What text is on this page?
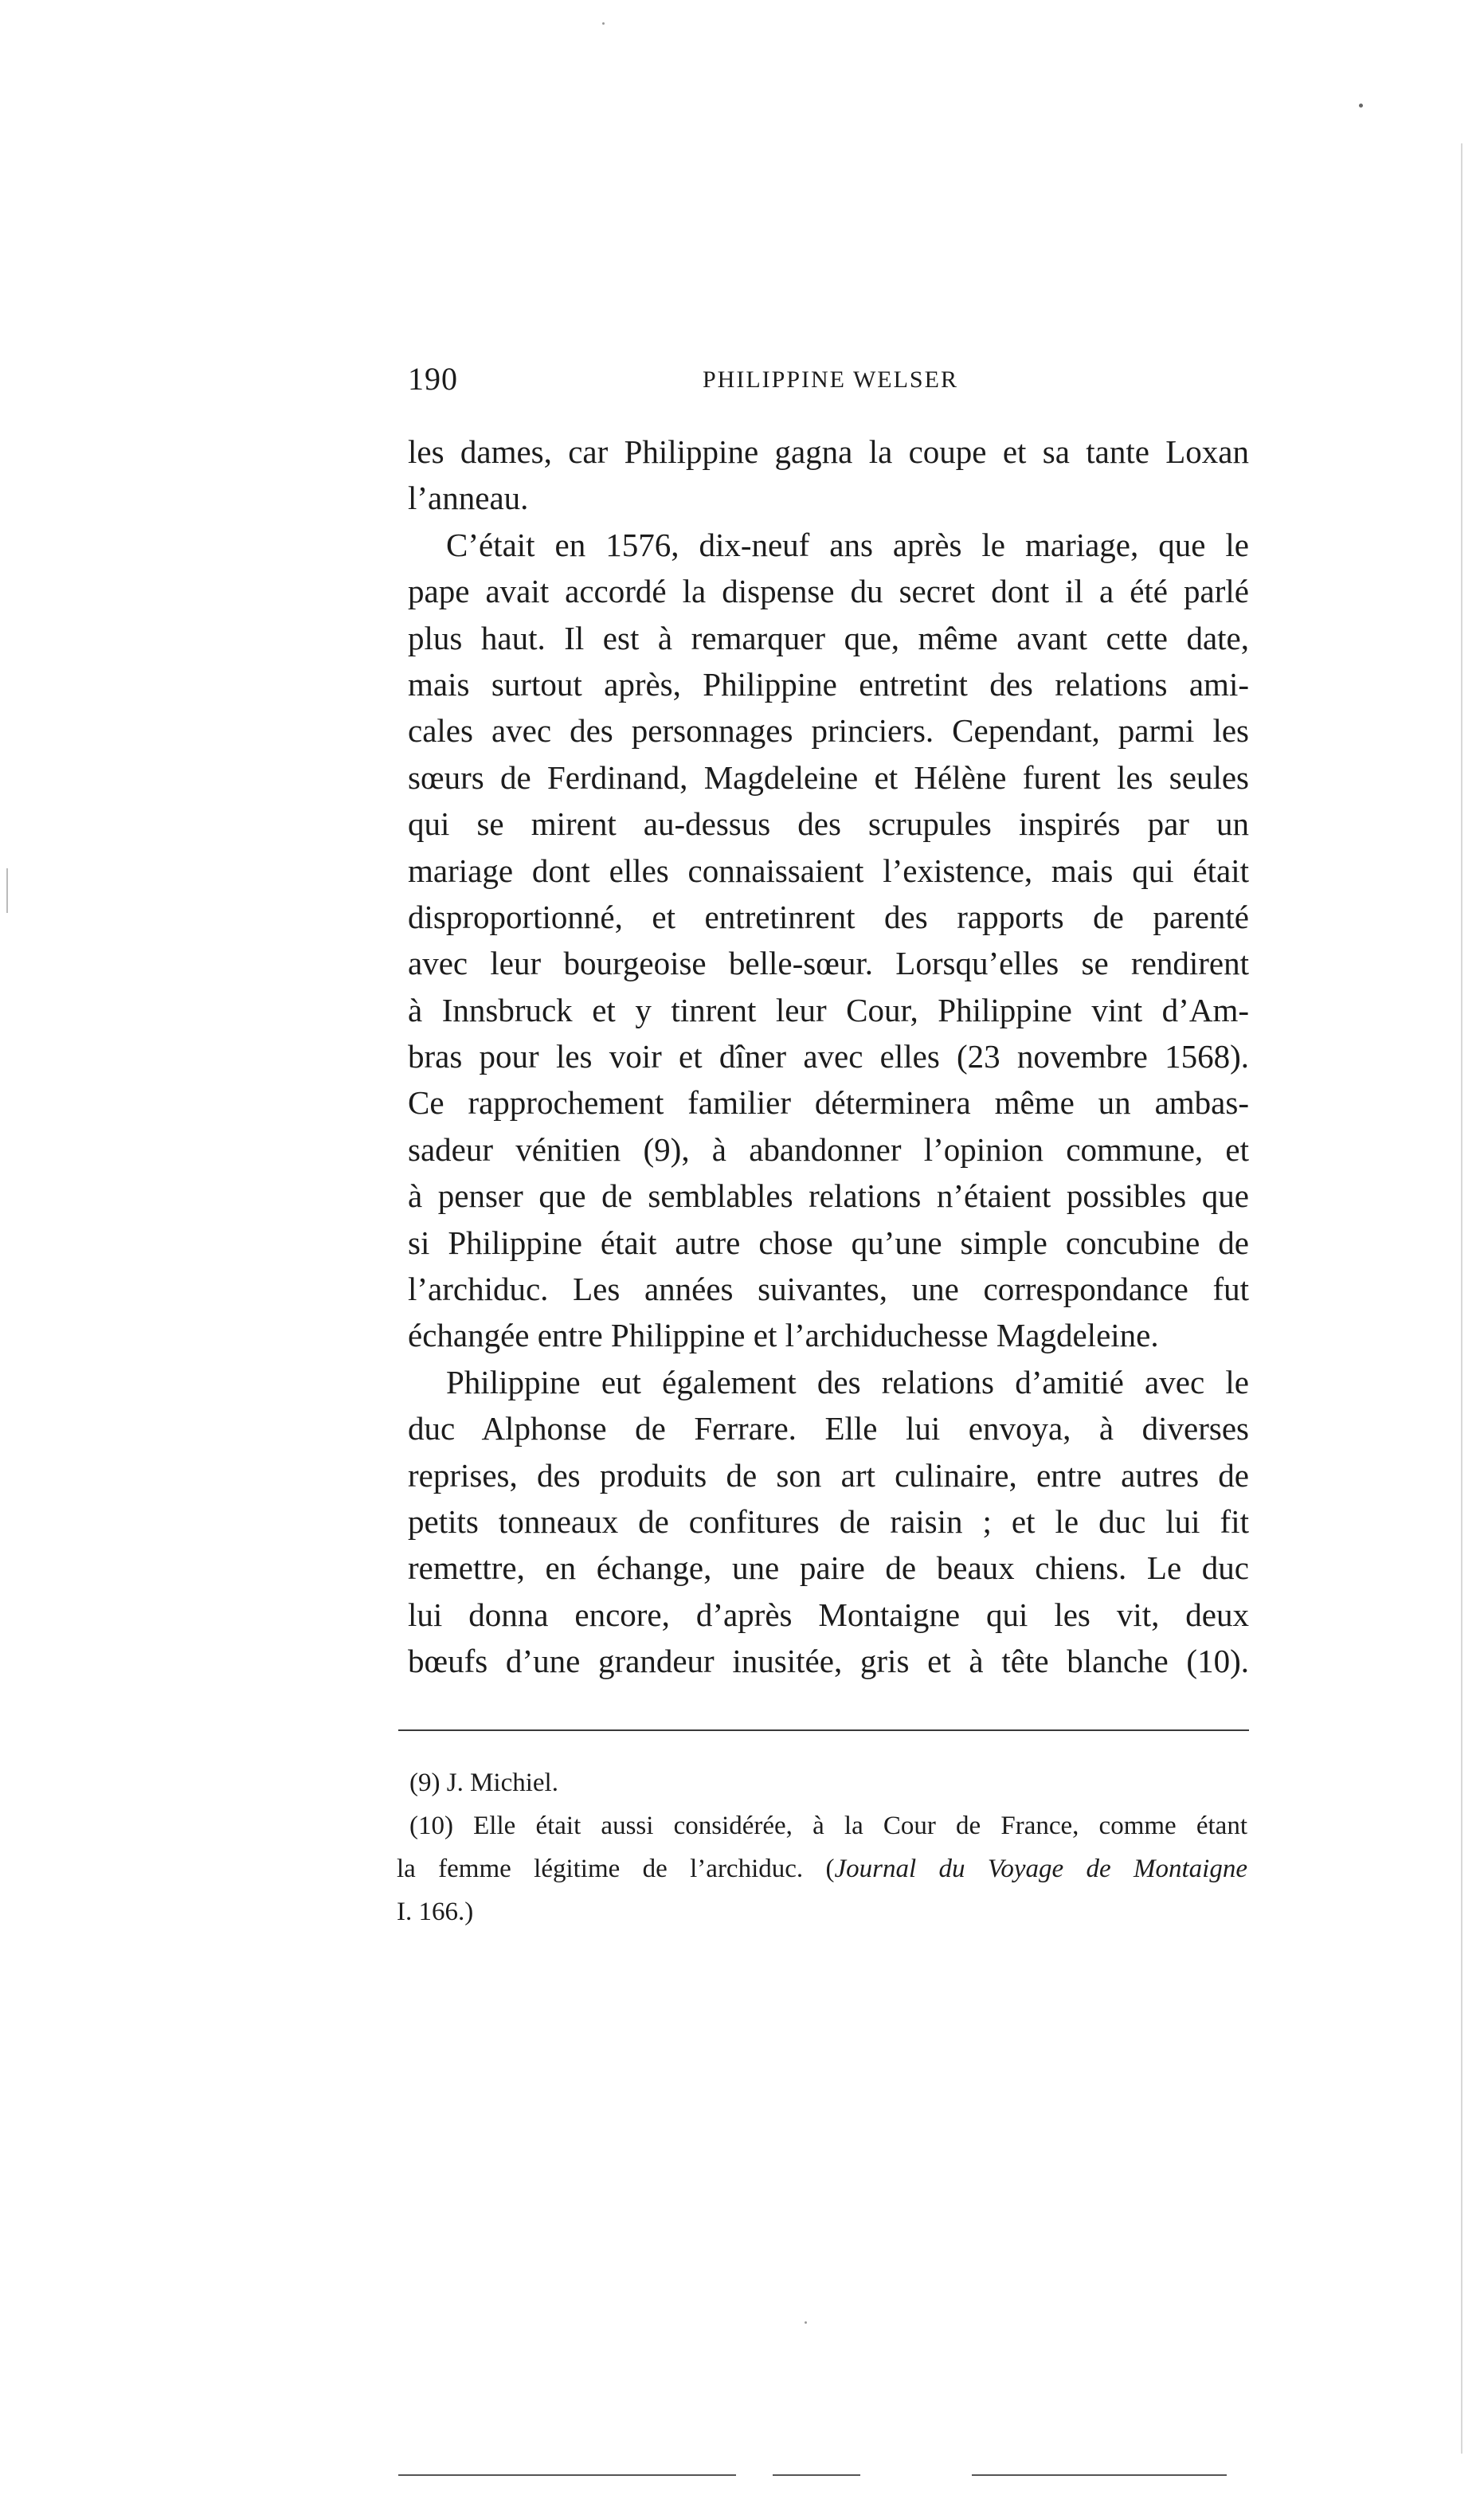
190	PHILIPPINE WELSER
les dames, car Philippine gagna la coupe et sa tante Loxan
l’anneau.
C’était en 1576, dix-neuf ans après le mariage, que le
pape avait accordé la dispense du secret dont il a été parlé
plus haut. Il est à remarquer que, même avant cette date,
mais surtout après, Philippine entretint des relations ami-
cales avec des personnages princiers. Cependant, parmi les
sœurs de Ferdinand, Magdeleine et Hélène furent les seules
qui se mirent au-dessus des scrupules inspirés par un
mariage dont elles connaissaient l’existence, mais qui était
disproportionné, et entretinrent des rapports de parenté
avec leur bourgeoise belle-sœur. Lorsqu’elles se rendirent
à Innsbruck et y tinrent leur Cour, Philippine vint d’Am-
bras pour les voir et dîner avec elles (23 novembre 1568).
Ce rapprochement familier déterminera même un ambas-
sadeur vénitien (9), à abandonner l’opinion commune, et
à penser que de semblables relations n’étaient possibles que
si Philippine était autre chose qu’une simple concubine de
l’archiduc. Les années suivantes, une correspondance fut
échangée entre Philippine et l’archiduchesse Magdeleine.
Philippine eut également des relations d’amitié avec le
duc Alphonse de Ferrare. Elle lui envoya, à diverses
reprises, des produits de son art culinaire, entre autres de
petits tonneaux de confitures de raisin ; et le duc lui fit
remettre, en échange, une paire de beaux chiens. Le duc
lui donna encore, d’après Montaigne qui les vit, deux
bœufs d’une grandeur inusitée, gris et à tête blanche (10).
(9) J. Michiel.
(10) Elle était aussi considérée, à la Cour de France, comme étant
la femme légitime de l’archiduc. (Journal du Voyage de Montaigne
I. 166.)
